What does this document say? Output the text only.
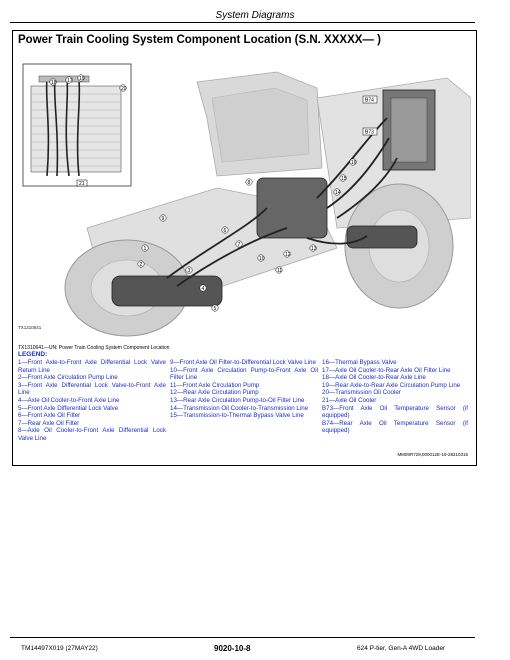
System Diagrams
Power Train Cooling System Component Location (S.N. XXXXX— )
B74
B73
1
2
3
4
5
6
7
8
9
10
11
12
13
14
15
16
17
18
19
20
21
TX1310641
TX1310641—UN: Power Train Cooling System Component Location
LEGEND:
1—Front Axle-to-Front Axle Differential Lock Valve Return Line
2—Front Axle Circulation Pump Line
3—Front Axle Differential Lock Valve-to-Front Axle Line
4—Axle Oil Cooler-to-Front Axle Line
5—Front Axle Differential Lock Valve
6—Front Axle Oil Filter
7—Rear Axle Oil Filter
8—Axle Oil Cooler-to-Front Axle Differential Lock Valve Line
9—Front Axle Oil Filter-to-Differential Lock Valve Line
10—Front Axle Circulation Pump-to-Front Axle Oil Filter Line
11—Front Axle Circulation Pump
12—Rear Axle Circulation Pump
13—Rear Axle Circulation Pump-to-Oil Filter Line
14—Transmission Oil Cooler-to-Transmission Line
15—Transmission-to-Thermal Bypass Valve Line
16—Thermal Bypass Valve
17—Axle Oil Cooler-to-Rear Axle Oil Filter Line
18—Axle Oil Cooler-to-Rear Axle Line
19—Rear Axle-to-Rear Axle Circulation Pump Line
20—Transmission Oil Cooler
21—Axle Oil Cooler
B73—Front Axle Oil Temperature Sensor (if equipped)
B74—Rear Axle Oil Temperature Sensor (if equipped)
MM09R729,000012E-19-28210315
TM14497X019 (27MAY22)	9020-10-8	624 P-tier, Gen-A 4WD Loader
